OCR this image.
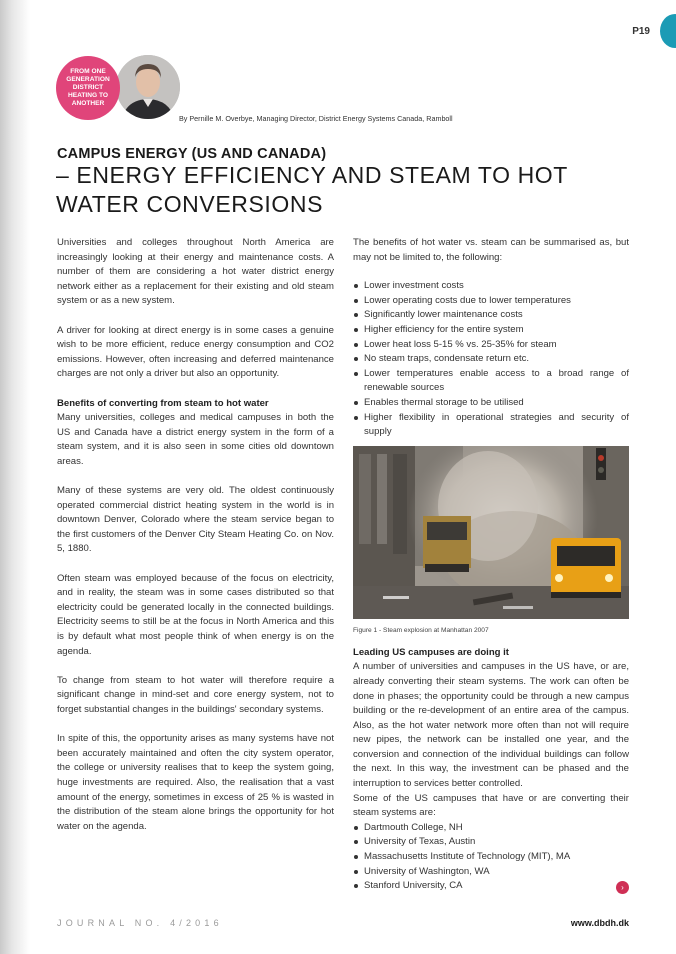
P19
FROM ONE GENERATION DISTRICT HEATING TO ANOTHER
By Pernille M. Overbye, Managing Director, District Energy Systems Canada, Ramboll
CAMPUS ENERGY (US AND CANADA)
– ENERGY EFFICIENCY AND STEAM TO HOT WATER CONVERSIONS

Universities and colleges throughout North America are increasingly looking at their energy and maintenance costs. A number of them are considering a hot water district energy network either as a replacement for their existing and old steam system or as a new system.

A driver for looking at direct energy is in some cases a genuine wish to be more efficient, reduce energy consumption and CO2 emissions. However, often increasing and deferred maintenance charges are not only a driver but also an opportunity.

Benefits of converting from steam to hot water

Many universities, colleges and medical campuses in both the US and Canada have a district energy system in the form of a steam system, and it is also seen in some cities old downtown areas.

Many of these systems are very old. The oldest continuously operated commercial district heating system in the world is in downtown Denver, Colorado where the steam service began to the first customers of the Denver City Steam Heating Co. on Nov. 5, 1880.

Often steam was employed because of the focus on electricity, and in reality, the steam was in some cases distributed so that electricity could be generated locally in the connected buildings. Electricity seems to still be at the focus in North America and this is by default what most people think of when energy is on the agenda.

To change from steam to hot water will therefore require a significant change in mind-set and core energy system, not to forget substantial changes in the buildings' secondary systems.

In spite of this, the opportunity arises as many systems have not been accurately maintained and often the city system operator, the college or university realises that to keep the system going, huge investments are required. Also, the realisation that a vast amount of the energy, sometimes in excess of 25 % is wasted in the distribution of the steam alone brings the opportunity for hot water on the agenda.

The benefits of hot water vs. steam can be summarised as, but may not be limited to, the following:

Lower investment costs
Lower operating costs due to lower temperatures
Significantly lower maintenance costs
Higher efficiency for the entire system
Lower heat loss 5-15 % vs. 25-35% for steam
No steam traps, condensate return etc.
Lower temperatures enable access to a broad range of renewable sources
Enables thermal storage to be utilised
Higher flexibility in operational strategies and security of supply
Figure 1 - Steam explosion at Manhattan 2007
Leading US campuses are doing it

A number of universities and campuses in the US have, or are, already converting their steam systems. The work can often be done in phases; the opportunity could be through a new campus building or the re-development of an entire area of the campus. Also, as the hot water network more often than not will require new pipes, the network can be installed one year, and the conversion and connection of the individual buildings can follow the next. In this way, the investment can be phased and the interruption to services better controlled.

Some of the US campuses that have or are converting their steam systems are:

Dartmouth College, NH
University of Texas, Austin
Massachusetts Institute of Technology (MIT), MA
University of Washington, WA
Stanford University, CA	›
JOURNAL NO. 4/2016	www.dbdh.dk
